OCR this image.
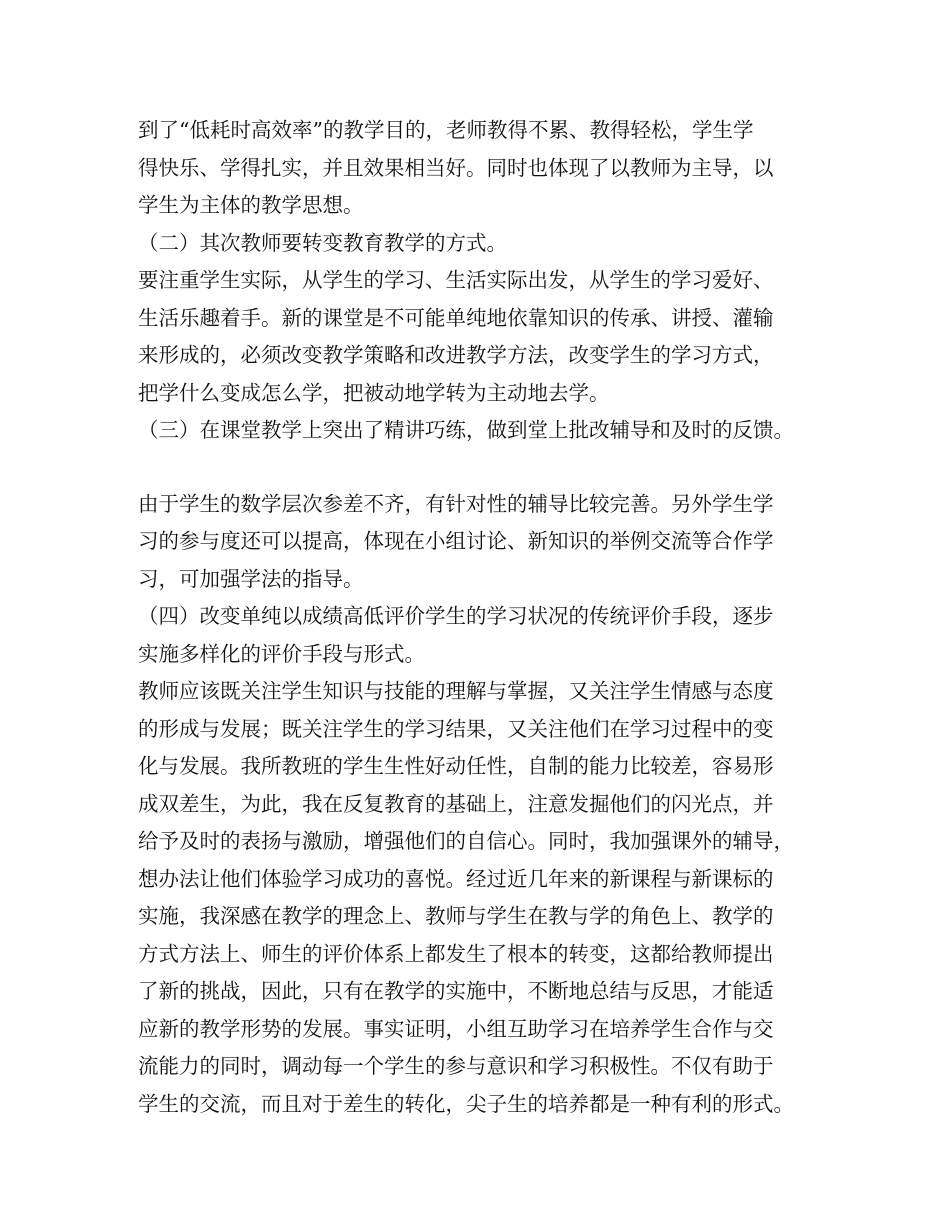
到了“低耗时高效率”的教学目的，老师教得不累、教得轻松，学生学
得快乐、学得扎实，并且效果相当好。同时也体现了以教师为主导，以
学生为主体的教学思想。
（二）其次教师要转变教育教学的方式。
要注重学生实际，从学生的学习、生活实际出发，从学生的学习爱好、
生活乐趣着手。新的课堂是不可能单纯地依靠知识的传承、讲授、灌输
来形成的，必须改变教学策略和改进教学方法，改变学生的学习方式，
把学什么变成怎么学，把被动地学转为主动地去学。
（三）在课堂教学上突出了精讲巧练，做到堂上批改辅导和及时的反馈。
由于学生的数学层次参差不齐，有针对性的辅导比较完善。另外学生学
习的参与度还可以提高，体现在小组讨论、新知识的举例交流等合作学
习，可加强学法的指导。
（四）改变单纯以成绩高低评价学生的学习状况的传统评价手段，逐步
实施多样化的评价手段与形式。
教师应该既关注学生知识与技能的理解与掌握，又关注学生情感与态度
的形成与发展；既关注学生的学习结果，又关注他们在学习过程中的变
化与发展。我所教班的学生生性好动任性，自制的能力比较差，容易形
成双差生，为此，我在反复教育的基础上，注意发掘他们的闪光点，并
给予及时的表扬与激励，增强他们的自信心。同时，我加强课外的辅导，
想办法让他们体验学习成功的喜悦。经过近几年来的新课程与新课标的
实施，我深感在教学的理念上、教师与学生在教与学的角色上、教学的
方式方法上、师生的评价体系上都发生了根本的转变，这都给教师提出
了新的挑战，因此，只有在教学的实施中，不断地总结与反思，才能适
应新的教学形势的发展。事实证明，小组互助学习在培养学生合作与交
流能力的同时，调动每一个学生的参与意识和学习积极性。不仅有助于
学生的交流，而且对于差生的转化，尖子生的培养都是一种有利的形式。
